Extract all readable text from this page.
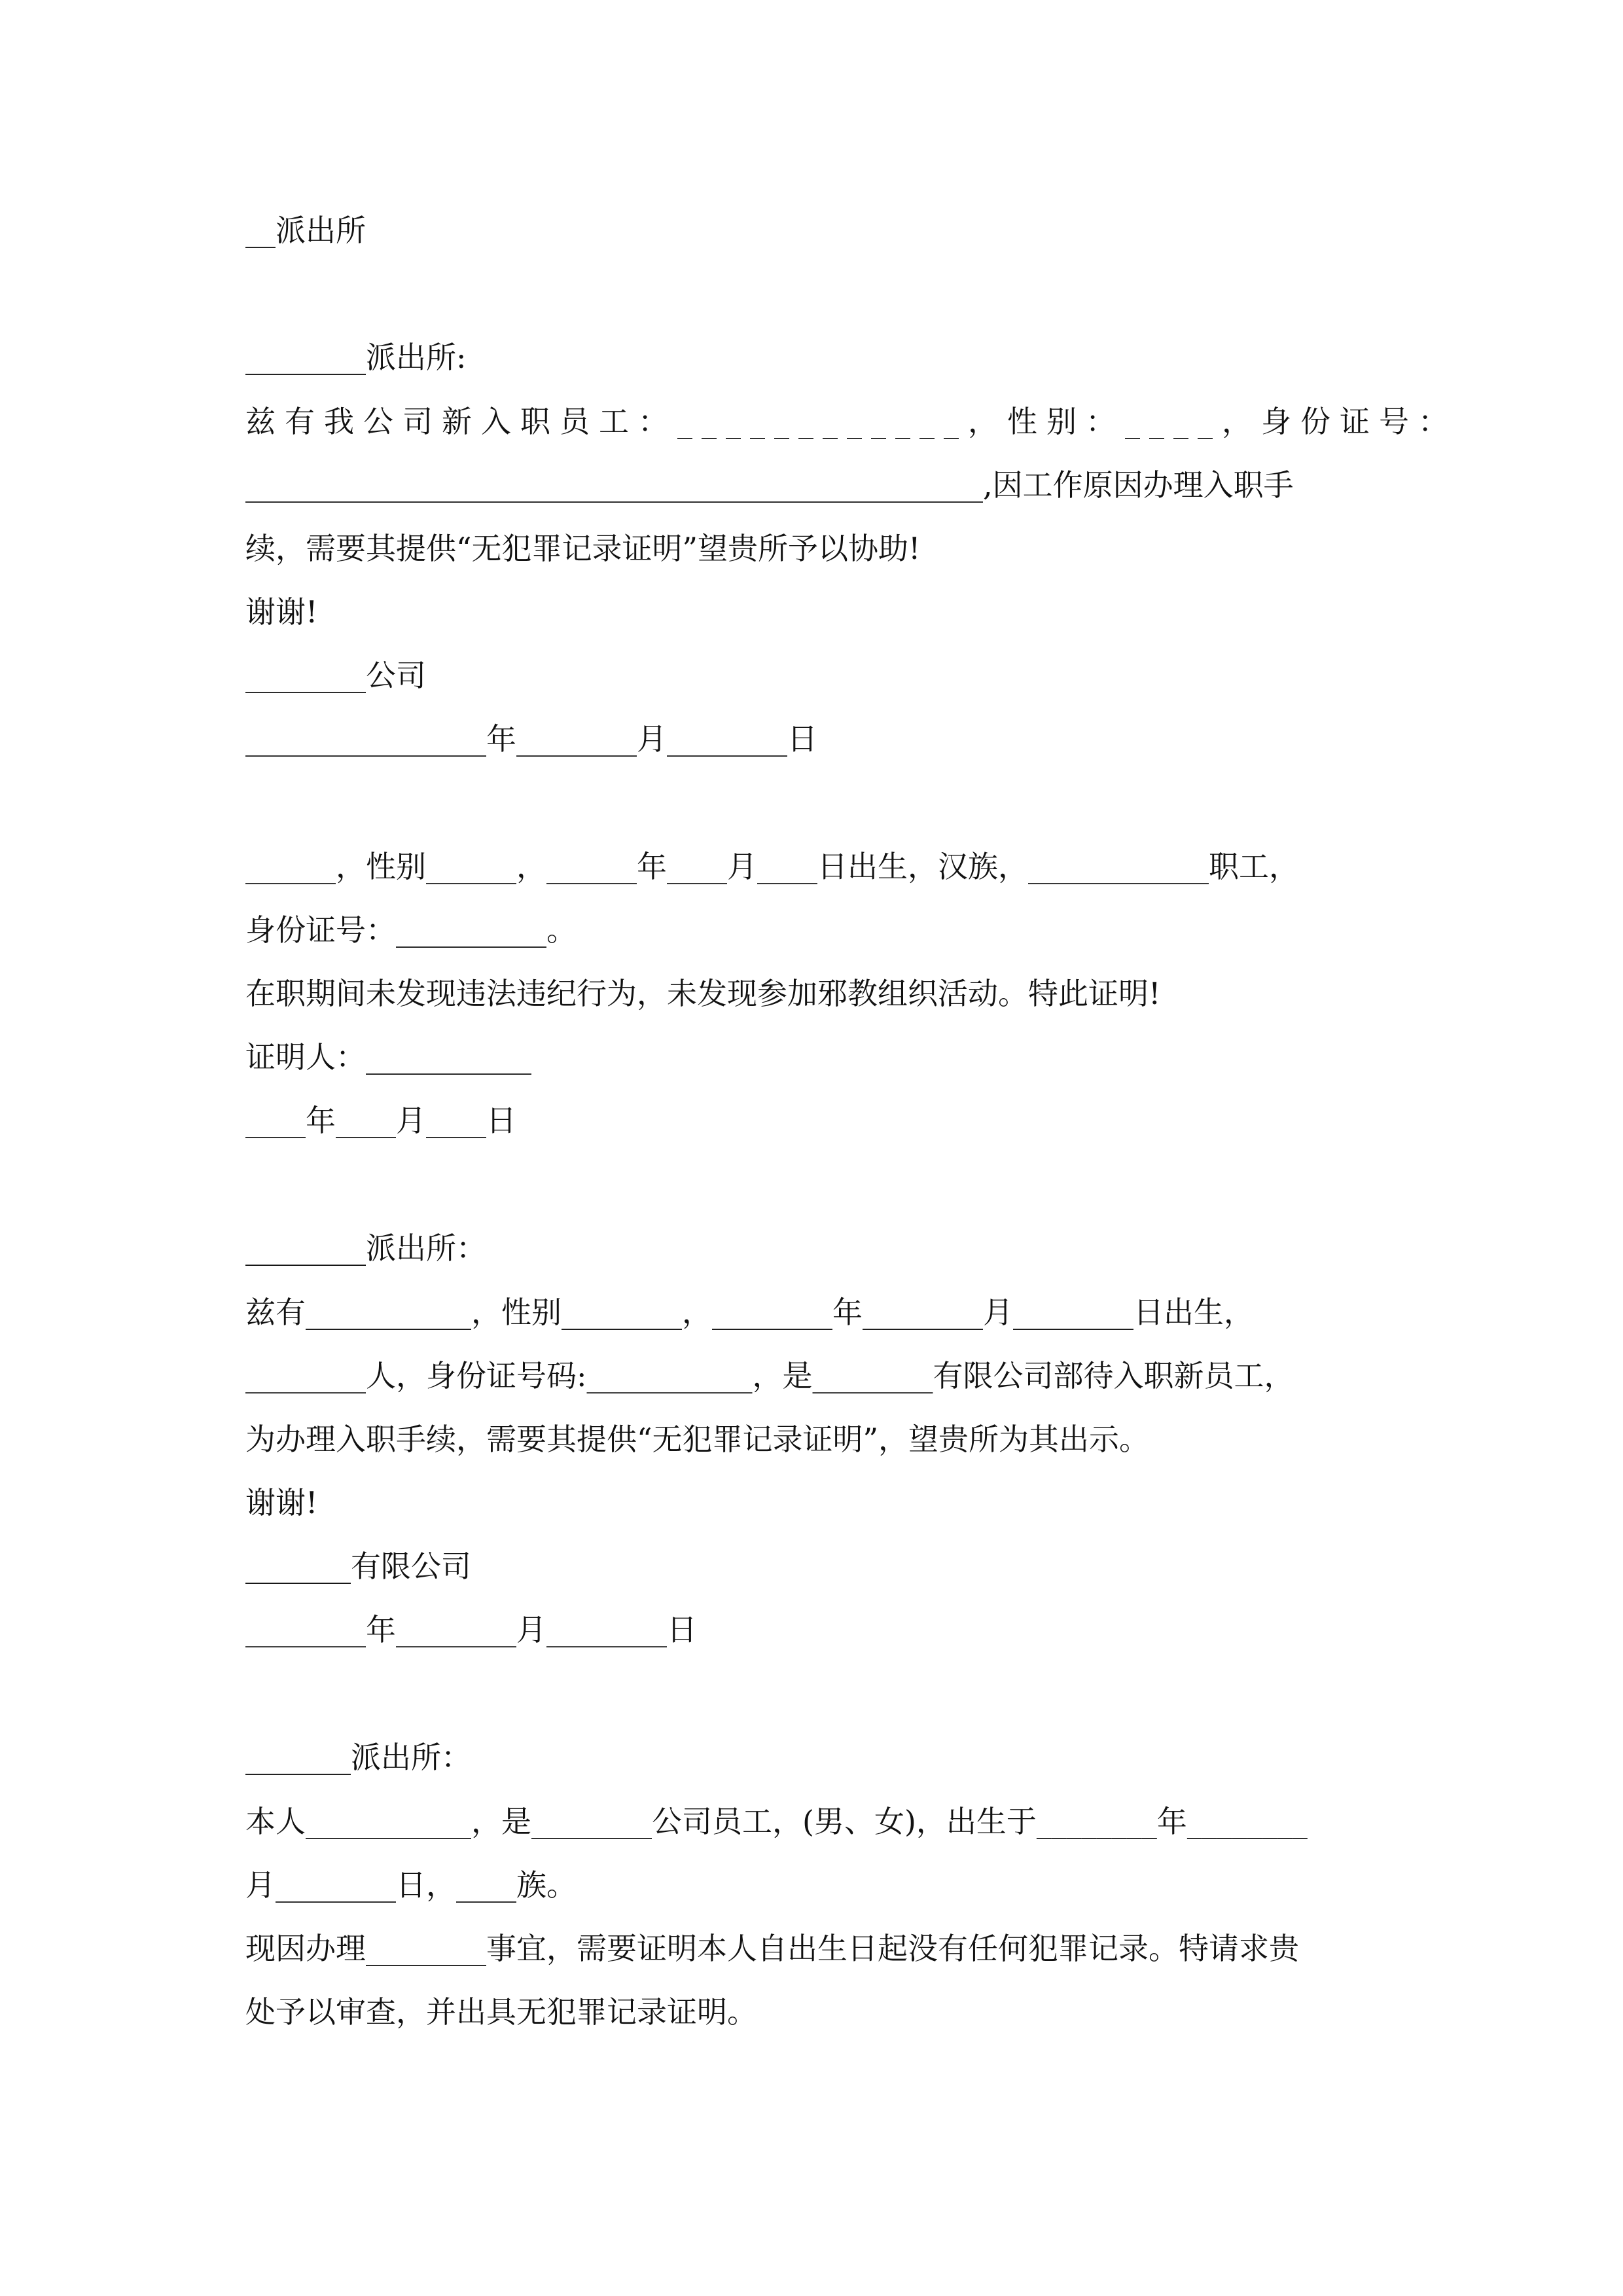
__派出所
________派出所:
兹有我公司新入职员工：____________，性别：____，身份证号：
_________________________________________________,因工作原因办理入职手
续，需要其提供“无犯罪记录证明”望贵所予以协助!
谢谢!
________公司
________________年________月________日
______，性别______，______年____月____日出生，汉族，____________职工，
身份证号：__________。
在职期间未发现违法违纪行为，未发现参加邪教组织活动。特此证明!
证明人：___________
____年____月____日
________派出所：
兹有___________，性别________，________年________月________日出生，
________人，身份证号码:___________，是________有限公司部待入职新员工，
为办理入职手续，需要其提供“无犯罪记录证明”，望贵所为其出示。
谢谢!
_______有限公司
________年________月________日
_______派出所：
本人___________，是________公司员工，(男、女)，出生于________年________
月________日，____族。
现因办理________事宜，需要证明本人自出生日起没有任何犯罪记录。特请求贵
处予以审查，并出具无犯罪记录证明。
